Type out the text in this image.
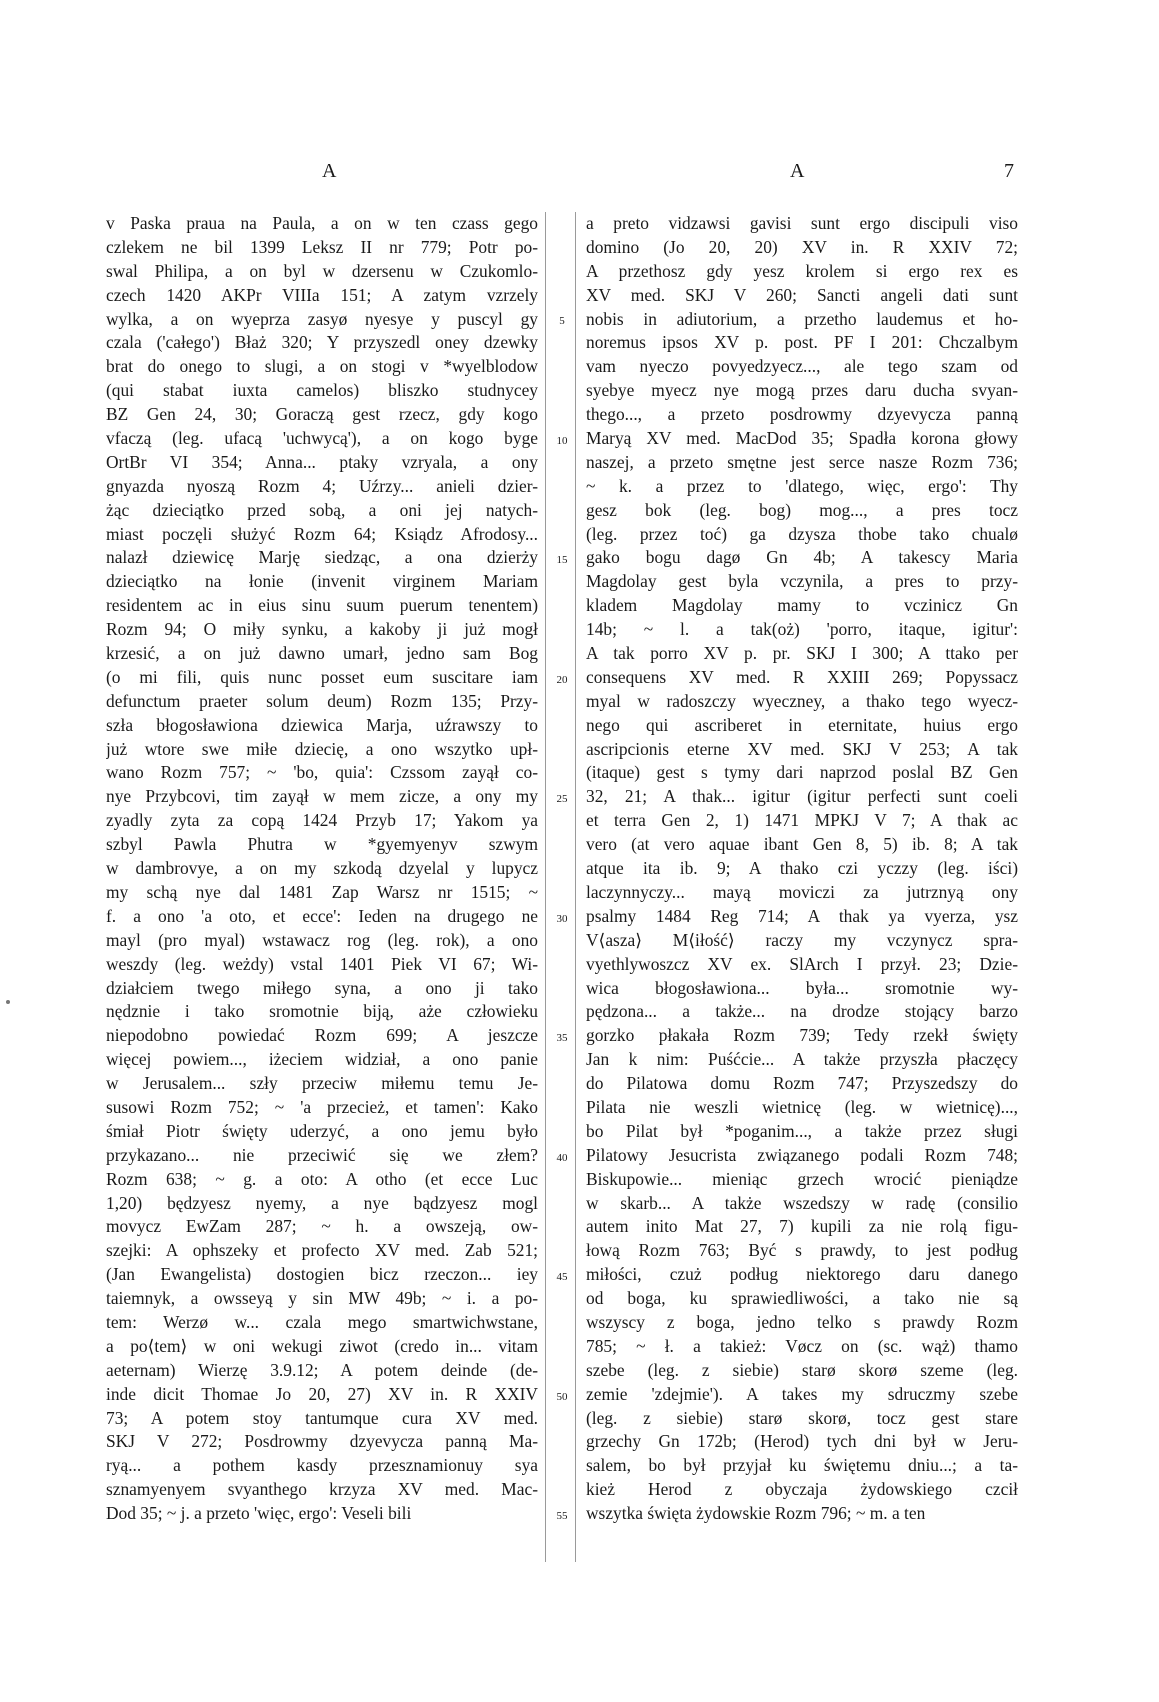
A	A	7
v Paska praua na Paula, a on w ten czass gego
czlekem ne bil 1399 Leksz II nr 779; Potr po-
swal Philipa, a on byl w dzersenu w Czukomlo-
czech 1420 AKPr VIIIa 151; A zatym vzrzely
wylka, a on wyeprza zasyø nyesye y puscyl gy
czala ('całego') Błaż 320; Y przyszedl oney dzewky
brat do onego to slugi, a on stogi v *wyelblodow
(qui stabat iuxta camelos) bliszko studnycey
BZ Gen 24, 30; Goraczą gest rzecz, gdy kogo
vfaczą (leg. ufacą 'uchwycą'), a on kogo byge
OrtBr VI 354; Anna... ptaky vzryala, a ony
gnyazda nyoszą Rozm 4; Uźrzy... anieli dzier-
żąc dzieciątko przed sobą, a oni jej natych-
miast poczęli służyć Rozm 64; Ksiądz Afrodosy...
nalazł dziewicę Marję siedząc, a ona dzierży
dzieciątko na łonie (invenit virginem Mariam
residentem ac in eius sinu suum puerum tenentem)
Rozm 94; O miły synku, a kakoby ji już mogł
krzesić, a on już dawno umarł, jedno sam Bog
(o mi fili, quis nunc posset eum suscitare iam
defunctum praeter solum deum) Rozm 135; Przy-
szła błogosławiona dziewica Marja, uźrawszy to
już wtore swe miłe dziecię, a ono wszytko upł-
wano Rozm 757; ~ 'bo, quia': Czssom zayął co-
nye Przybcovi, tim zayął w mem zicze, a ony my
zyadly zyta za copą 1424 Przyb 17; Yakom ya
szbyl Pawla Phutra w *gyemyenyv szwym
w dambrovye, a on my szkodą dzyelal y lupycz
my schą nye dal 1481 Zap Warsz nr 1515; ~
f. a ono 'a oto, et ecce': Ieden na drugego ne
mayl (pro myal) wstawacz rog (leg. rok), a ono
weszdy (leg. weżdy) vstal 1401 Piek VI 67; Wi-
działciem twego miłego syna, a ono ji tako
nędznie i tako sromotnie biją, aże człowieku
niepodobno powiedać Rozm 699; A jeszcze
więcej powiem..., iżeciem widział, a ono panie
w Jerusalem... szły przeciw miłemu temu Je-
susowi Rozm 752; ~ 'a przecież, et tamen': Kako
śmiał Piotr święty uderzyć, a ono jemu było
przykazano... nie przeciwić się we złem?
Rozm 638; ~ g. a oto: A otho (et ecce Luc
1,20) będzyesz nyemy, a nye bądzyesz mogl
movycz EwZam 287; ~ h. a owszeją, ow-
szejki: A ophszeky et profecto XV med. Zab 521;
(Jan Ewangelista) dostogien bicz rzeczon... iey
taiemnyk, a owsseyą y sin MW 49b; ~ i. a po-
tem: Werzø w... czala mego smartwichwstane,
a po⟨tem⟩ w oni wekugi ziwot (credo in... vitam
aeternam) Wierzę 3.9.12; A potem deinde (de-
inde dicit Thomae Jo 20, 27) XV in. R XXIV
73; A potem stoy tantumque cura XV med.
SKJ V 272; Posdrowmy dzyevycza panną Ma-
ryą... a pothem kasdy przesznamionuy sya
sznamyenyem svyanthego krzyza XV med. Mac-
Dod 35; ~ j. a przeto 'więc, ergo': Veseli bili
5
10
15
20
25
30
35
40
45
50
55
a preto vidzawsi gavisi sunt ergo discipuli viso
domino (Jo 20, 20) XV in. R XXIV 72;
A przethosz gdy yesz krolem si ergo rex es
XV med. SKJ V 260; Sancti angeli dati sunt
nobis in adiutorium, a przetho laudemus et ho-
noremus ipsos XV p. post. PF I 201: Chczalbym
vam nyeczo povyedzyecz..., ale tego szam od
syebye myecz nye mogą przes daru ducha svyan-
thego..., a przeto posdrowmy dzyevycza panną
Maryą XV med. MacDod 35; Spadła korona głowy
naszej, a przeto smętne jest serce nasze Rozm 736;
~ k. a przez to 'dlatego, więc, ergo': Thy
gesz bok (leg. bog) mog..., a pres tocz
(leg. przez toć) ga dzysza thobe tako chualø
gako bogu dagø Gn 4b; A takescy Maria
Magdolay gest byla vczynila, a pres to przy-
kladem Magdolay mamy to vczinicz Gn
14b; ~ l. a tak(oż) 'porro, itaque, igitur':
A tak porro XV p. pr. SKJ I 300; A ttako per
consequens XV med. R XXIII 269; Popyssacz
myal w radoszczy wyeczney, a thako tego wyecz-
nego qui ascriberet in eternitate, huius ergo
ascripcionis eterne XV med. SKJ V 253; A tak
(itaque) gest s tymy dari naprzod poslal BZ Gen
32, 21; A thak... igitur (igitur perfecti sunt coeli
et terra Gen 2, 1) 1471 MPKJ V 7; A thak ac
vero (at vero aquae ibant Gen 8, 5) ib. 8; A tak
atque ita ib. 9; A thako czi yczzy (leg. iści)
laczynnyczy... mayą moviczi za jutrznyą ony
psalmy 1484 Reg 714; A thak ya vyerza, ysz
V⟨asza⟩ M⟨iłość⟩ raczy my vczynycz spra-
vyethlywoszcz XV ex. SlArch I przył. 23; Dzie-
wica błogosławiona... była... sromotnie wy-
pędzona... a także... na drodze stojący barzo
gorzko płakała Rozm 739; Tedy rzekł święty
Jan k nim: Puśćcie... A także przyszła płaczęcy
do Pilatowa domu Rozm 747; Przyszedszy do
Pilata nie weszli wietnicę (leg. w wietnicę)...,
bo Pilat był *poganim..., a także przez sługi
Pilatowy Jesucrista związanego podali Rozm 748;
Biskupowie... mieniąc grzech wrocić pieniądze
w skarb... A także wszedszy w radę (consilio
autem inito Mat 27, 7) kupili za nie rolą figu-
łową Rozm 763; Być s prawdy, to jest podług
miłości, czuż podług niektorego daru danego
od boga, ku sprawiedliwości, a tako nie są
wszyscy z boga, jedno telko s prawdy Rozm
785; ~ ł. a takież: Vøcz on (sc. wąż) thamo
szebe (leg. z siebie) starø skorø szeme (leg.
zemie 'zdejmie'). A takes my sdruczmy szebe
(leg. z siebie) starø skorø, tocz gest stare
grzechy Gn 172b; (Herod) tych dni był w Jeru-
salem, bo był przyjał ku świętemu dniu...; a ta-
kież Herod z obyczaja żydowskiego czcił
wszytka święta żydowskie Rozm 796; ~ m. a ten
